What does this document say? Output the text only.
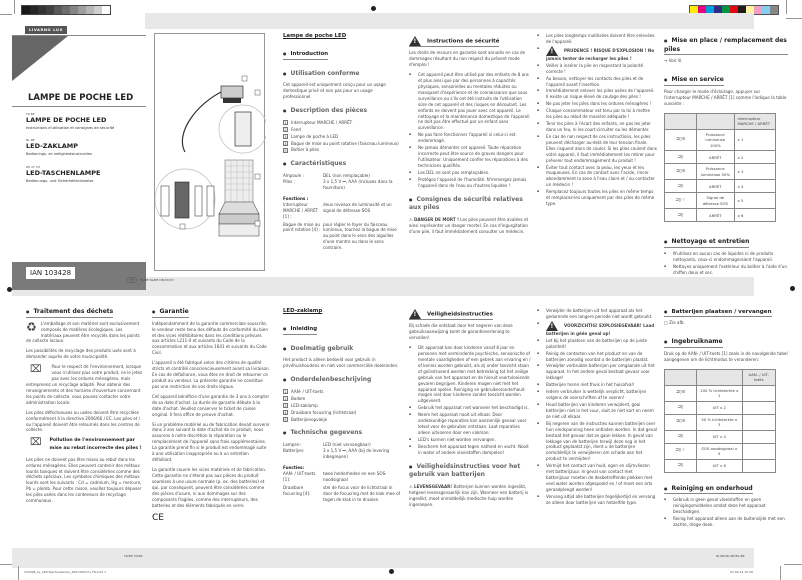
LIVARNO LUX
LAMPE DE POCHE LED
FR BE
LAMPE DE POCHE LED
Instructions d'utilisation et consignes de sécurité
NL BE
LED-ZAKLAMP
Bedienings- en veiligheidsinstructies
DE AT CH
LED-TASCHENLAMPE
Bedienungs- und Sicherheitshinweise
IAN 103428
FR FR/BE NL/BE DE/AT/CH
Lampe de poche LED
● Introduction
● Utilisation conforme
Cet appareil est uniquement conçu pour un usage domestique privé et non pas pour un usage professionnel.
● Description des pièces
1 Interrupteur MARCHE / ARRÊT
2 Fond
3 Lampe de poche à LED
4 Bague de mise au point rotative (faisceau lumineux)
5 Boîtier à piles
● Caractéristiques
Ampoule :	DEL (non remplaçable)
Piles :	3 x 1,5 V ⎓, AAA (incluses dans la fourniture)
Fonctions :
Interrupteur MARCHE / ARRÊT [1] :
deux niveaux de luminosité et un signal de détresse SOS
Bague de mise au point rotative [4] :
pour régler le foyer du faisceau lumineux, tournez la bague de mise au point dans le sens des aiguilles d'une montre ou dans le sens contraire.
!Instructions de sécurité
Les droits de recours en garantie sont annulés en cas de dommages résultant du non respect du présent mode d'emploi !
▪ Cet appareil peut être utilisé par des enfants de 8 ans et plus ainsi que par des personnes à capacités physiques, sensorielles ou mentales réduites ou manquant d'expérience et de connaissance que sous surveillance ou s'ils ont été instruits de l'utilisation sûre de cet appareil et des risques en découlant. Les enfants ne doivent pas jouer avec cet appareil. Le nettoyage et la maintenance domestique de l'appareil ne doit pas être effectué par un enfant sans surveillance.
▪ Ne pas faire fonctionner l'appareil si celui-ci est endommagé.
▪ Ne jamais démonter cet appareil. Toute réparation incorrecte peut être source de graves dangers pour l'utilisateur. Uniquement confier les réparations à des techniciens qualifiés.
▪ Les DEL ne sont pas remplaçables.
▪ Protégez l'appareil de l'humidité. N'immergez jamais l'appareil dans de l'eau ou d'autres liquides !
● Consignes de sécurité relatives aux piles
⚠ DANGER DE MORT ! Les piles peuvent être avalées et ainsi représenter un danger mortel. En cas d'ingurgitation d'une pile, il faut immédiatement consulter un médecin.
▪ Les piles longtemps inutilisées doivent être enlevées de l'appareil.
!▪ PRUDENCE ! RISQUE D'EXPLOSION ! Ne jamais tenter de recharger les piles !
▪ Veiller à insérer la pile en respectant la polarité correcte !
▪ Au besoin, nettoyer les contacts des piles et de l'appareil avant l'insertion.
▪ Immédiatement enlever les piles usées de l'appareil. Il existe un risque élevé de coulage des piles !
▪ Ne pas jeter les piles dans les ordures ménagères !
▪ Chaque consommateur est tenu par la loi à mettre les piles au rebut de manière adéquate !
▪ Tenir les piles à l'écart des enfants, ne pas les jeter dans un feu, ni les court-circuiter ou les démonter.
▪ En cas de non respect de ces instructions, les piles peuvent décharger au-delà de leur tension finale. Elles risquent alors de couler. Si les piles coulent dans votre appareil, il faut immédiatement les retirer pour prévenir tout endommagement du produit !
▪ Éviter tout contact avec la peau, les yeux et les muqueuses. En cas de contact avec l'acide, rincer abondamment la zone à l'eau claire et / ou contacter un médecin !
▪ Remplacez toujours toutes les piles en même temps et remplacez-les uniquement par des piles de même type.
● Mise en place / remplacement des piles
→ Voir ill.
● Mise en service
Pour changer le mode d'éclairage, appuyer sur l'interrupteur MARCHE / ARRÊT [1] comme l'indique la table suivante :
		Interrupteur MARCHE / ARRÊT
⊐▯≡	Puissance lumineuse 100%	x 1
⊐▯	ARRÊT	x 2
⊐▯≡	Puissance lumineuse 50%	x 3
⊐▯	ARRÊT	x 4
⊐▯⁘	Signal de détresse SOS	x 5
⊐▯	ARRÊT	x 6
● Nettoyage et entretien
▪ N'utilisez en aucun cas de liquides ni de produits nettoyants, ceux-ci endommageraient l'appareil.
▪ Nettoyez uniquement l'extérieur du boîtier à l'aide d'un chiffon doux et sec.
● Traitement des déchets
♻ L'emballage et son matériel sont exclusivement composés de matières écologiques. Les matériaux peuvent être recyclés dans les points de collecte locaux.
Les possibilités de recyclage des produits usés sont à demander auprès de votre municipalité.
⌧ Pour le respect de l'environnement, lorsque vous n'utilisez plus votre produit, ne le jetez pas avec les ordures ménagères, mais entreprenez un recyclage adapté. Pour obtenir des renseignements et des horaires d'ouverture concernant les points de collecte, vous pouvez contacter votre administration locale.
Les piles défectueuses ou usées doivent être recyclées conformément à la directive 2006/66 / EC. Les piles et / ou l'appareil doivent être retournés dans les centres de collecte.
⌧ Pollution de l'environnement par mise au rebut incorrecte des piles !
Les piles ne doivent pas être mises au rebut dans les ordures ménagères. Elles peuvent contenir des métaux lourds toxiques et doivent être considérées comme des déchets spéciaux. Les symboles chimiques des métaux lourds sont les suivants : Cd = cadmium, Hg = mercure, Pb = plomb. Pour cette raison, veuillez toujours déposer les piles usées dans les conteneurs de recyclage communaux.
● Garantie
Indépendamment de la garantie commerciale souscrite, le vendeur reste tenu des défauts de conformité du bien et des vices rédhibitoires dans les conditions prévues aux articles L211-4 et suivants du Code de la consommation et aux articles 1641 et suivants du Code Civil.
L'appareil a été fabriqué selon des critères de qualité stricts et contrôlé consciencieusement avant sa livraison. En cas de défaillance, vous êtes en droit de retourner ce produit au vendeur. La présente garantie ne constitue pas une restriction de vos droits légaux.
Cet appareil bénéficie d'une garantie de 3 ans à compter de sa date d'achat. La durée de garantie débute à la date d'achat. Veuillez conserver le ticket de caisse original. Il fera office de preuve d'achat.
Si un problème matériel ou de fabrication devait survenir dans 3 ans suivant la date d'achat de ce produit, nous assurons à notre discrétion la réparation ou le remplacement de l'appareil sans frais supplémentaires. La garantie prend fin si le produit est endommagé suite à une utilisation inappropriée ou à un entretien défaillant.
La garantie couvre les vices matériels et de fabrication. Cette garantie ne s'étend pas aux pièces du produit soumises à une usure normale (p. ex. des batteries) et qui, par conséquent, peuvent être considérées comme des pièces d'usure, ni aux dommages sur des composants fragiles, comme des interrupteurs, des batteries et des éléments fabriqués en verre.
CE
LED-zaklamp
● Inleiding
● Doelmatig gebruik
Het product is alleen bedoeld voor gebruik in privéhuishoudens en niet voor commerciële doeleinden.
● Onderdelenbeschrijving
1 AAN- / UIT-toets
2 Bodem
3 LED-zaklamp
4 Draaibare focusring (lichtstraal)
5 Batterijenopvakje
● Technische gegevens
Lampen:	LED (niet vervangbaar)
Batterijen:	3 x 1,5 V ⎓, AAA (bij de levering inbegrepen)
Functies:
AAN- / UIT-toets [1]:
twee helderheden en een SOS-noodsignaal
Draaibare focusring [4]:
stel de focus voor de lichtstraal in door de focusring met de klok mee of tegen de klok in te draaien.
!Veiligheidsinstructies
Bij schade die ontstaat door het negeren van deze gebruiksaanwijzing komt de garantieverlening te vervallen!
▪ Dit apparaat kan door kinderen vanaf 8 jaar en personen met verminderde psychische, sensorische of mentale vaardigheden of een gebrek aan ervaring en / of kennis worden gebruikt, als zij onder toezicht staan of geïnstrueerd werden met betrekking tot het veilige gebruik van het apparaat en de hieruit voortvloeiende gevaren begrijpen. Kinderen mogen niet met het apparaat spelen. Reiniging en gebruikersonderhoud mogen niet door kinderen zonder toezicht worden uitgevoerd.
▪ Gebruik het apparaat niet wanneer het beschadigd is.
▪ Neem het apparaat nooit uit elkaar. Door ondeskundige reparaties kan aanzienlijk gevaar voor letsel voor de gebruiker ontstaan. Laat reparaties alleen uitvoeren door een vakman.
▪ LED's kunnen niet worden vervangen.
▪ Bescherm het apparaat tegen natheid en vocht. Nooit in water of andere vloeistoffen dompelen!
● Veiligheidsinstructies voor het gebruik van batterijen
⚠ LEVENSGEVAAR! Batterijen kunnen worden ingeslikt, hetgeen levensgevaarlijk kan zijn. Wanneer een batterij is ingeslikt, moet onmiddellijk medische hulp worden ingeroepen.
▪ Verwijder de batterijen uit het apparaat als het gedurende een langere periode niet wordt gebruikt.
!▪ VOORZICHTIG! EXPLOSIEGEVAAR! Laad batterijen in géén geval op!
▪ Let bij het plaatsen van de batterijen op de juiste polariteit!
▪ Reinig de contacten van het product en van de batterijen zonodig voordat u de batterijen plaatst.
▪ Verwijder verbruikte batterijen per omgaande uit het apparaat. In het andere geval bestaat gevaar voor lekkage!
▪ Batterijen horen niet thuis in het huisafval!
▪ Iedere verbruiker is wettelijk verplicht, batterijen volgens de voorschriften af te voeren!
▪ Houd batterijen van kinderen verwijderd, gooi batterijen niet in het vuur, sluit ze niet kort en neem ze niet uit elkaar.
▪ Bij negeren van de instructies kunnen batterijen over hun eindspanning heen ontladen worden. In dat geval bestaat het gevaar dat ze gaan lekken. In geval van lekkage van de batterijen terwijl deze nog in het product geplaatst zijn, dient u de batterijen onmiddellijk te verwijderen om schade aan het product te vermijden!
▪ Vermijd het contact van huid, ogen en slijmvliezen met batterijzuur. In geval van contact met batterijzuur moeten de desbetreffende plekken met veel water worden afgespoeld en / of moet een arts geraadpleegd worden!
▪ Vervang altijd alle batterijen tegelijkertijd en vervang ze alleen door batterijen van hetzelfde type.
● Batterijen plaatsen / vervangen
□ Zie afb.
● Ingebruikname
Druk op de AAN- / UIT-toets [1] zoals in de navolgende tabel aangegeven om de lichtmodus te veranderen:
		AAN- / UIT-toets
⊐▯≡	100 % lichtsterkte x 1	
⊐▯	UIT x 2	
⊐▯≡	50 % lichtsterkte x 3	
⊐▯	UIT x 4	
⊐▯⁘	SOS-noodsignaal x 5	
⊐▯	UIT x 6	
● Reiniging en onderhoud
▪ Gebruik in geen geval vloeistoffen en geen reinigingsmiddelen omdat deze het apparaat beschadigen.
▪ Reinig het apparaat alleen aan de buitenzijde met een zachte, droge doek.
FR/BE FR/BE	NL/BE/NL/BE/NL/BE
103428_liv_LED-Taschenlampe_450x300mm_FR.indd 1	03.09.14 10:28
